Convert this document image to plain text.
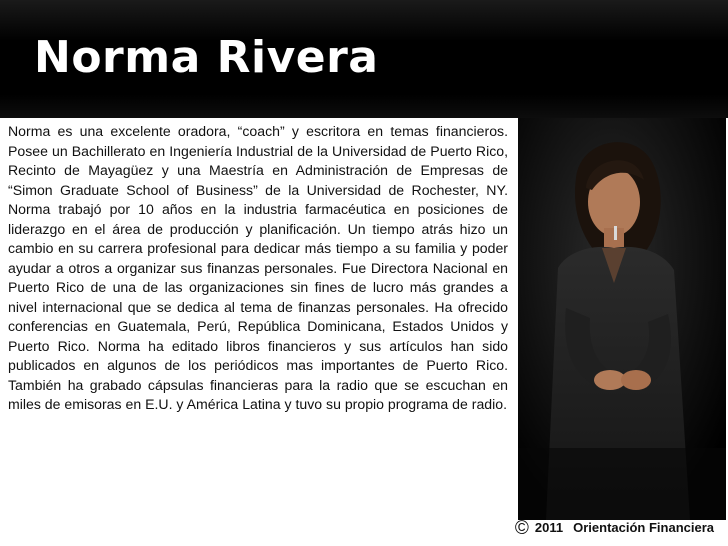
Norma Rivera

Norma es una excelente oradora, “coach” y escritora en temas financieros. Posee un Bachillerato en Ingeniería Industrial de la Universidad de Puerto Rico, Recinto de Mayagüez y una Maestría en Administración de Empresas de “Simon Graduate School of Business” de la Universidad de Rochester, NY. Norma trabajó por 10 años en la industria farmacéutica en posiciones de liderazgo en el área de producción y planificación. Un tiempo atrás hizo un cambio en su carrera profesional para dedicar más tiempo a su familia y poder ayudar a otros a organizar sus finanzas personales. Fue Directora Nacional en Puerto Rico de una de las organizaciones sin fines de lucro más grandes a nivel internacional que se dedica al tema de finanzas personales. Ha ofrecido conferencias en Guatemala, Perú, República Dominicana, Estados Unidos y Puerto Rico. Norma ha editado libros financieros y sus artículos han sido publicados en algunos de los periódicos mas importantes de Puerto Rico. También ha grabado cápsulas financieras para la radio que se escuchan en miles de emisoras en E.U. y América Latina y tuvo su propio programa de radio.

© 2011 Orientación Financiera
